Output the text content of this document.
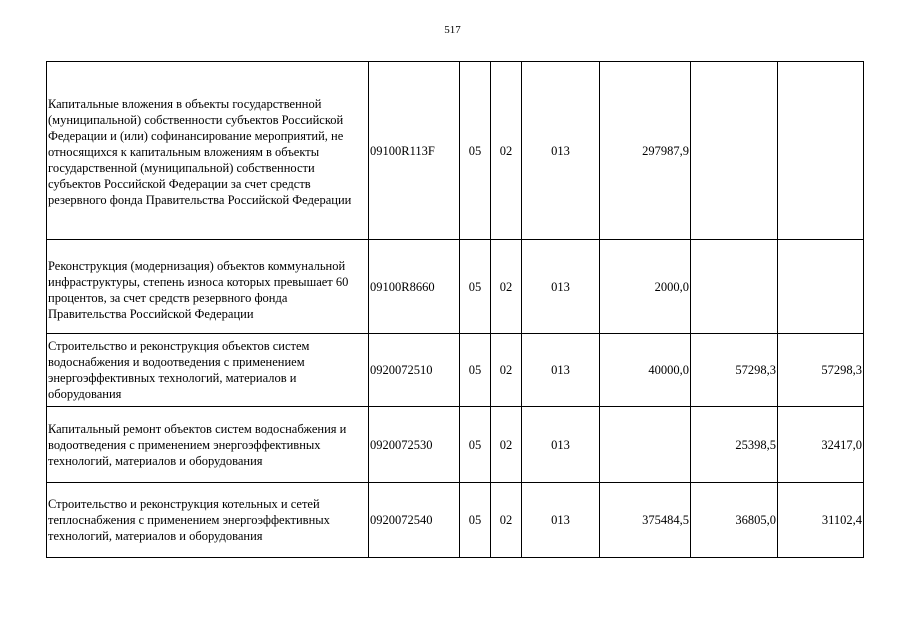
517
Капитальные вложения в объекты государственной (муниципальной) собственности субъектов Российской Федерации и (или) софинансирование мероприятий, не относящихся к капитальным вложениям в объекты государственной (муниципальной) собственности субъектов Российской Федерации за счет средств резервного фонда Правительства Российской Федерации	09100R113F	05	02	013	297987,9		
Реконструкция (модернизация) объектов коммунальной инфраструктуры, степень износа которых превышает 60 процентов, за счет средств резервного фонда Правительства Российской Федерации	09100R8660	05	02	013	2000,0		
Строительство и реконструкция объектов систем водоснабжения и водоотведения с применением энергоэффективных технологий, материалов и оборудования	0920072510	05	02	013	40000,0	57298,3	57298,3
Капитальный ремонт объектов систем водоснабжения и водоотведения с применением энергоэффективных технологий, материалов и оборудования	0920072530	05	02	013		25398,5	32417,0
Строительство и реконструкция котельных и сетей теплоснабжения с применением энергоэффективных технологий, материалов и оборудования	0920072540	05	02	013	375484,5	36805,0	31102,4
